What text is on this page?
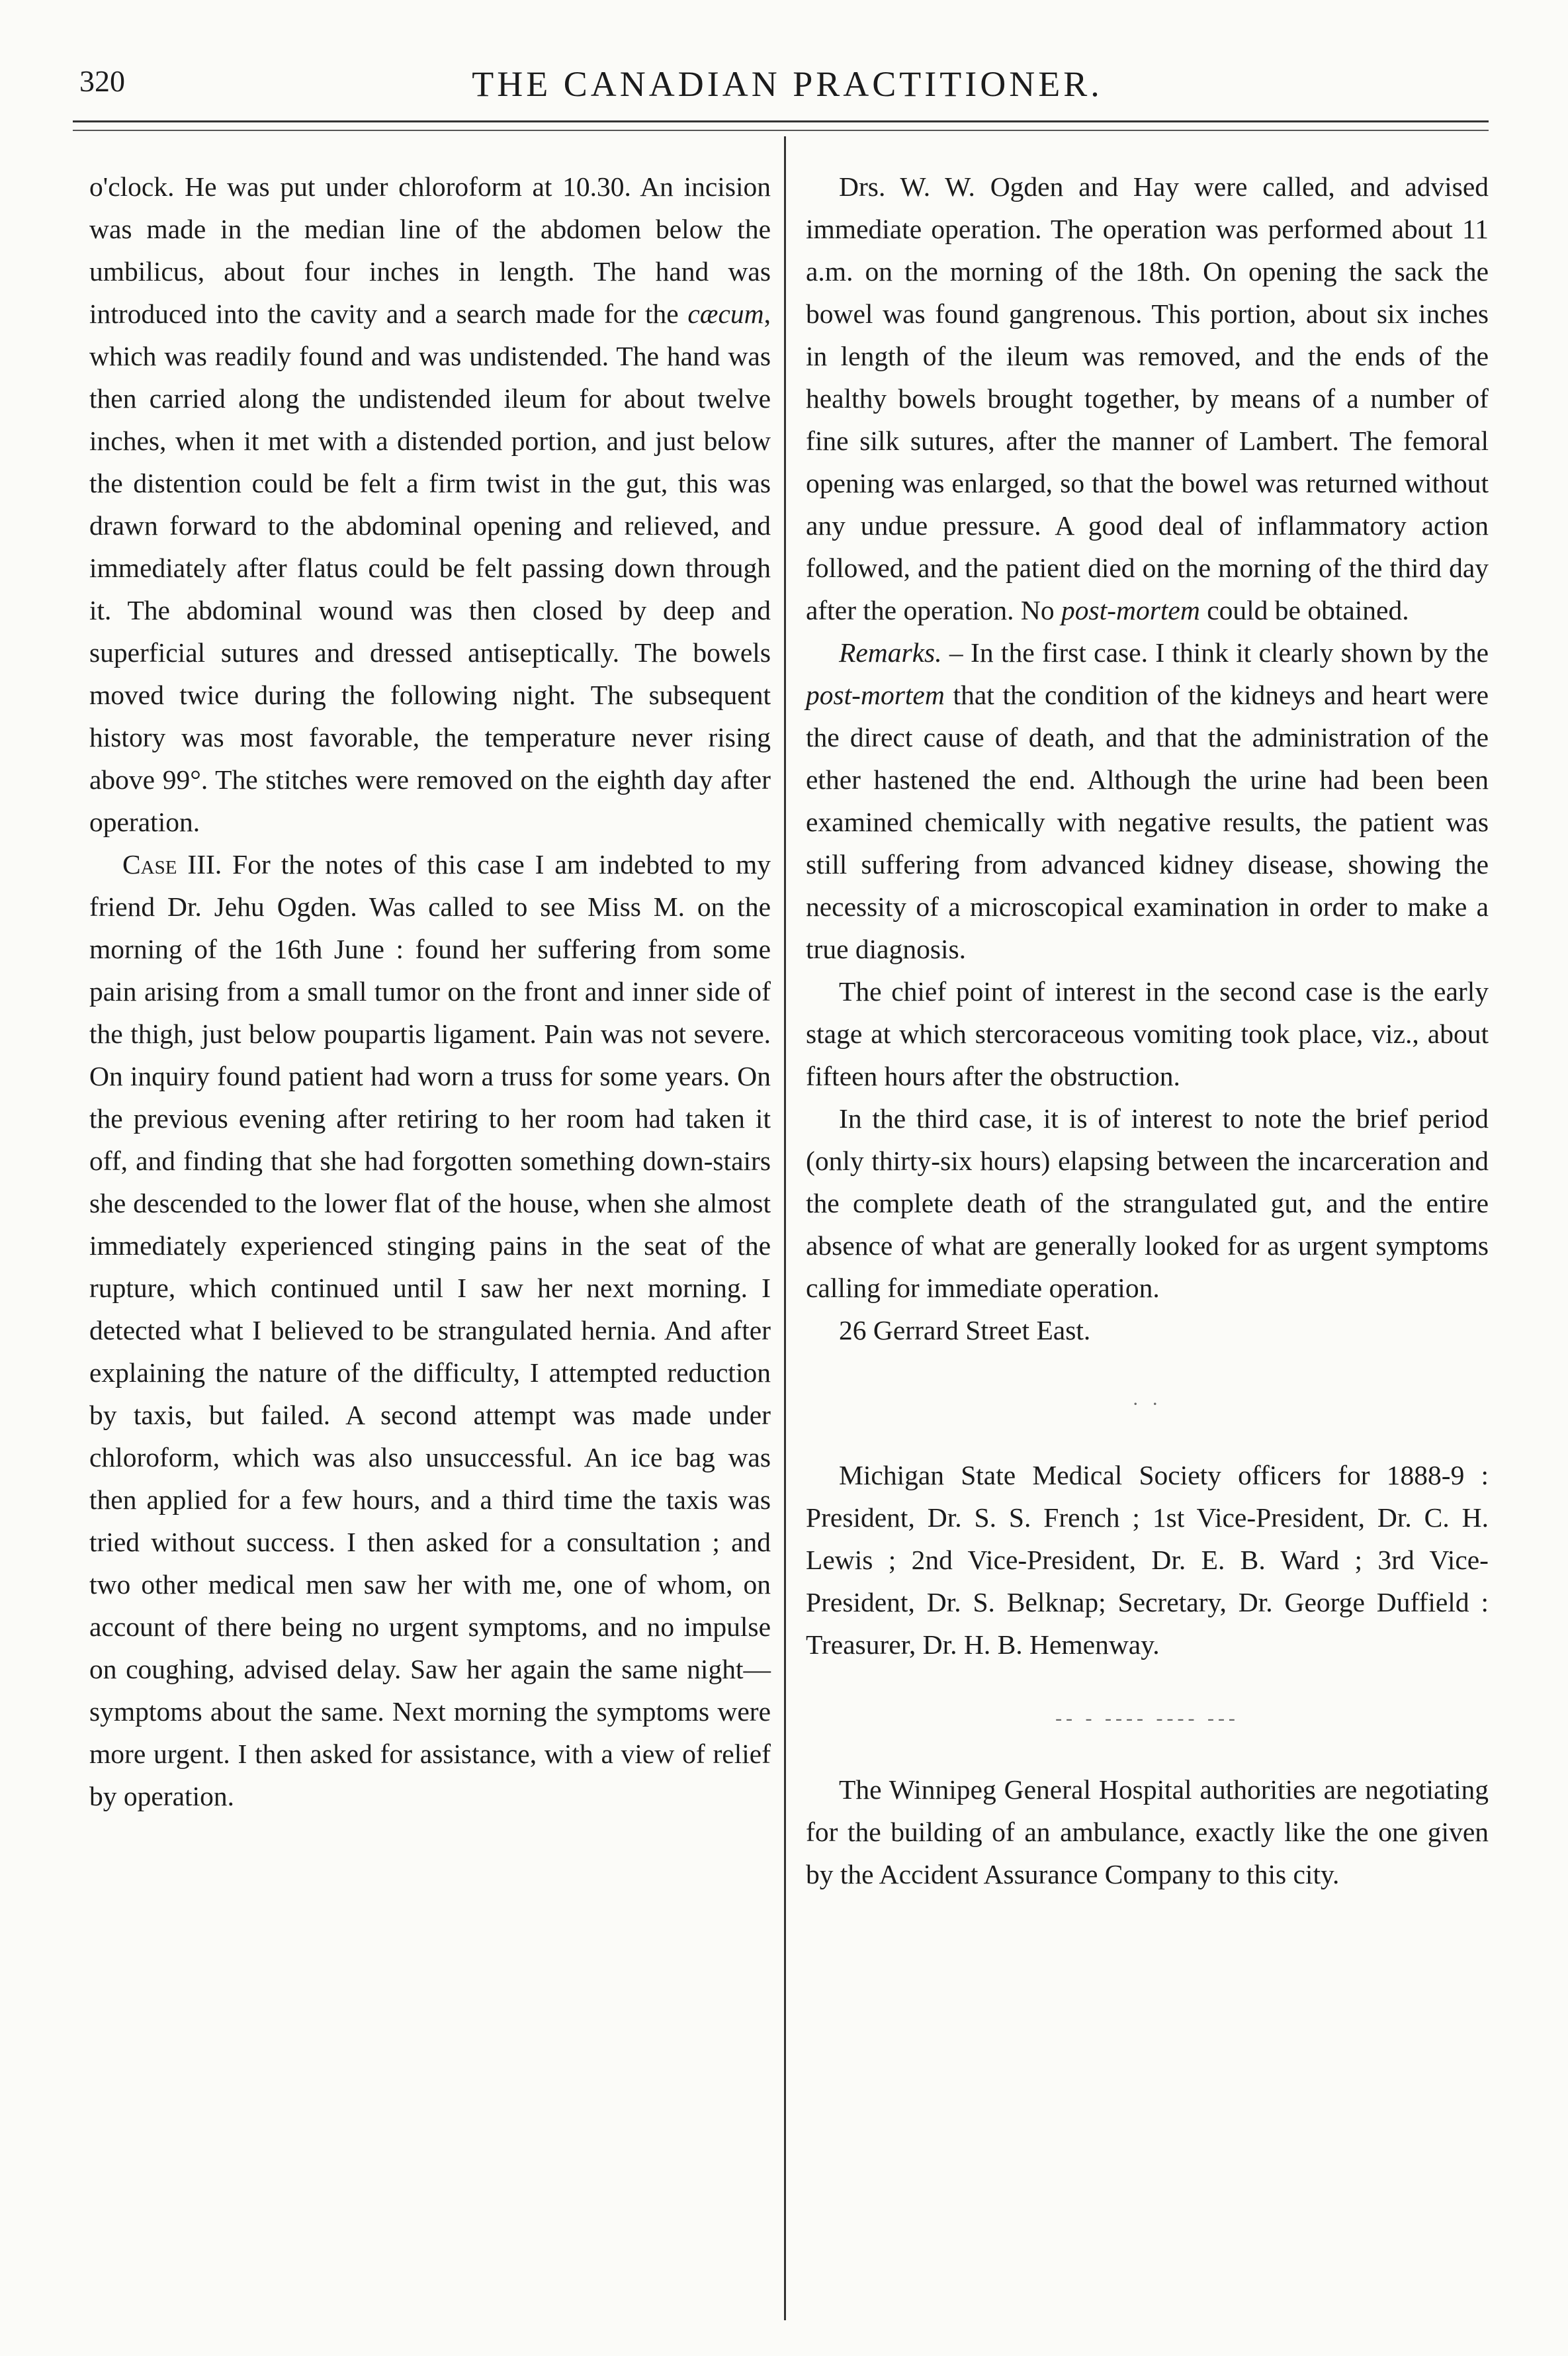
320	THE CANADIAN PRACTITIONER.

o'clock. He was put under chloroform at 10.30. An incision was made in the median line of the abdomen below the umbilicus, about four inches in length. The hand was introduced into the cavity and a search made for the cæcum, which was readily found and was undistended. The hand was then carried along the undistended ileum for about twelve inches, when it met with a distended portion, and just below the distention could be felt a firm twist in the gut, this was drawn forward to the abdominal opening and relieved, and immediately after flatus could be felt passing down through it. The abdominal wound was then closed by deep and superficial sutures and dressed antiseptically. The bowels moved twice during the following night. The subsequent history was most favorable, the temperature never rising above 99°. The stitches were removed on the eighth day after operation.

Case III. For the notes of this case I am indebted to my friend Dr. Jehu Ogden. Was called to see Miss M. on the morning of the 16th June : found her suffering from some pain arising from a small tumor on the front and inner side of the thigh, just below poupartis ligament. Pain was not severe. On inquiry found patient had worn a truss for some years. On the previous evening after retiring to her room had taken it off, and finding that she had forgotten something down-stairs she descended to the lower flat of the house, when she almost immediately experienced stinging pains in the seat of the rupture, which continued until I saw her next morning. I detected what I believed to be strangulated hernia. And after explaining the nature of the difficulty, I attempted reduction by taxis, but failed. A second attempt was made under chloroform, which was also unsuccessful. An ice bag was then applied for a few hours, and a third time the taxis was tried without success. I then asked for a consultation ; and two other medical men saw her with me, one of whom, on account of there being no urgent symptoms, and no impulse on coughing, advised delay. Saw her again the same night—symptoms about the same. Next morning the symptoms were more urgent. I then asked for assistance, with a view of relief by operation.

Drs. W. W. Ogden and Hay were called, and advised immediate operation. The operation was performed about 11 a.m. on the morning of the 18th. On opening the sack the bowel was found gangrenous. This portion, about six inches in length of the ileum was removed, and the ends of the healthy bowels brought together, by means of a number of fine silk sutures, after the manner of Lambert. The femoral opening was enlarged, so that the bowel was returned without any undue pressure. A good deal of inflammatory action followed, and the patient died on the morning of the third day after the operation. No post-mortem could be obtained.

Remarks. – In the first case. I think it clearly shown by the post-mortem that the condition of the kidneys and heart were the direct cause of death, and that the administration of the ether hastened the end. Although the urine had been been examined chemically with negative results, the patient was still suffering from advanced kidney disease, showing the necessity of a microscopical examination in order to make a true diagnosis.

The chief point of interest in the second case is the early stage at which stercoraceous vomiting took place, viz., about fifteen hours after the obstruction.

In the third case, it is of interest to note the brief period (only thirty-six hours) elapsing between the incarceration and the complete death of the strangulated gut, and the entire absence of what are generally looked for as urgent symptoms calling for immediate operation.

26 Gerrard Street East.

· ·

Michigan State Medical Society officers for 1888-9 : President, Dr. S. S. French ; 1st Vice-President, Dr. C. H. Lewis ; 2nd Vice-President, Dr. E. B. Ward ; 3rd Vice-President, Dr. S. Belknap; Secretary, Dr. George Duffield : Treasurer, Dr. H. B. Hemenway.

-- - ---- ---- ---

The Winnipeg General Hospital authorities are negotiating for the building of an ambulance, exactly like the one given by the Accident Assurance Company to this city.
